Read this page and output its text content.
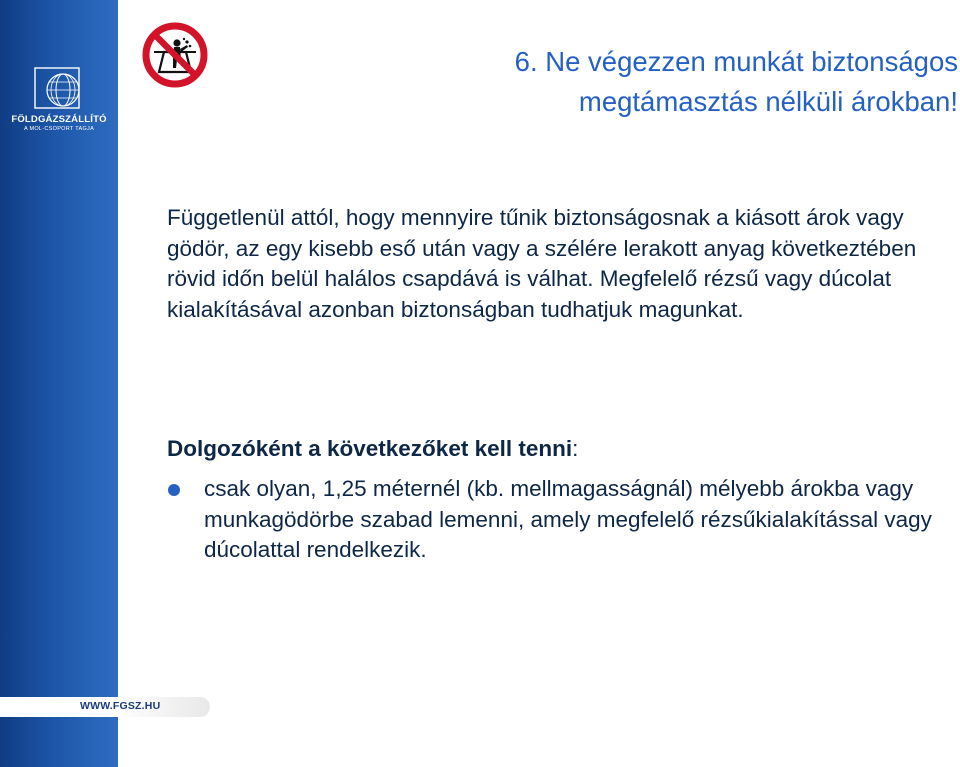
FÖLDGÁZSZÁLLÍTÓ
A MOL-CSOPORT TAGJA
WWW.FGSZ.HU
6. Ne végezzen munkát biztonságos
megtámasztás nélküli árokban!
Függetlenül attól, hogy mennyire tűnik biztonságosnak a kiásott árok vagy gödör, az egy kisebb eső után vagy a szélére lerakott anyag következtében rövid időn belül halálos csapdává is válhat. Megfelelő rézsű vagy dúcolat kialakításával azonban biztonságban tudhatjuk magunkat.
Dolgozóként a következőket kell tenni:
csak olyan, 1,25 méternél (kb. mellmagasságnál) mélyebb árokba vagy munkagödörbe szabad lemenni, amely megfelelő rézsűkialakítással vagy dúcolattal rendelkezik.
